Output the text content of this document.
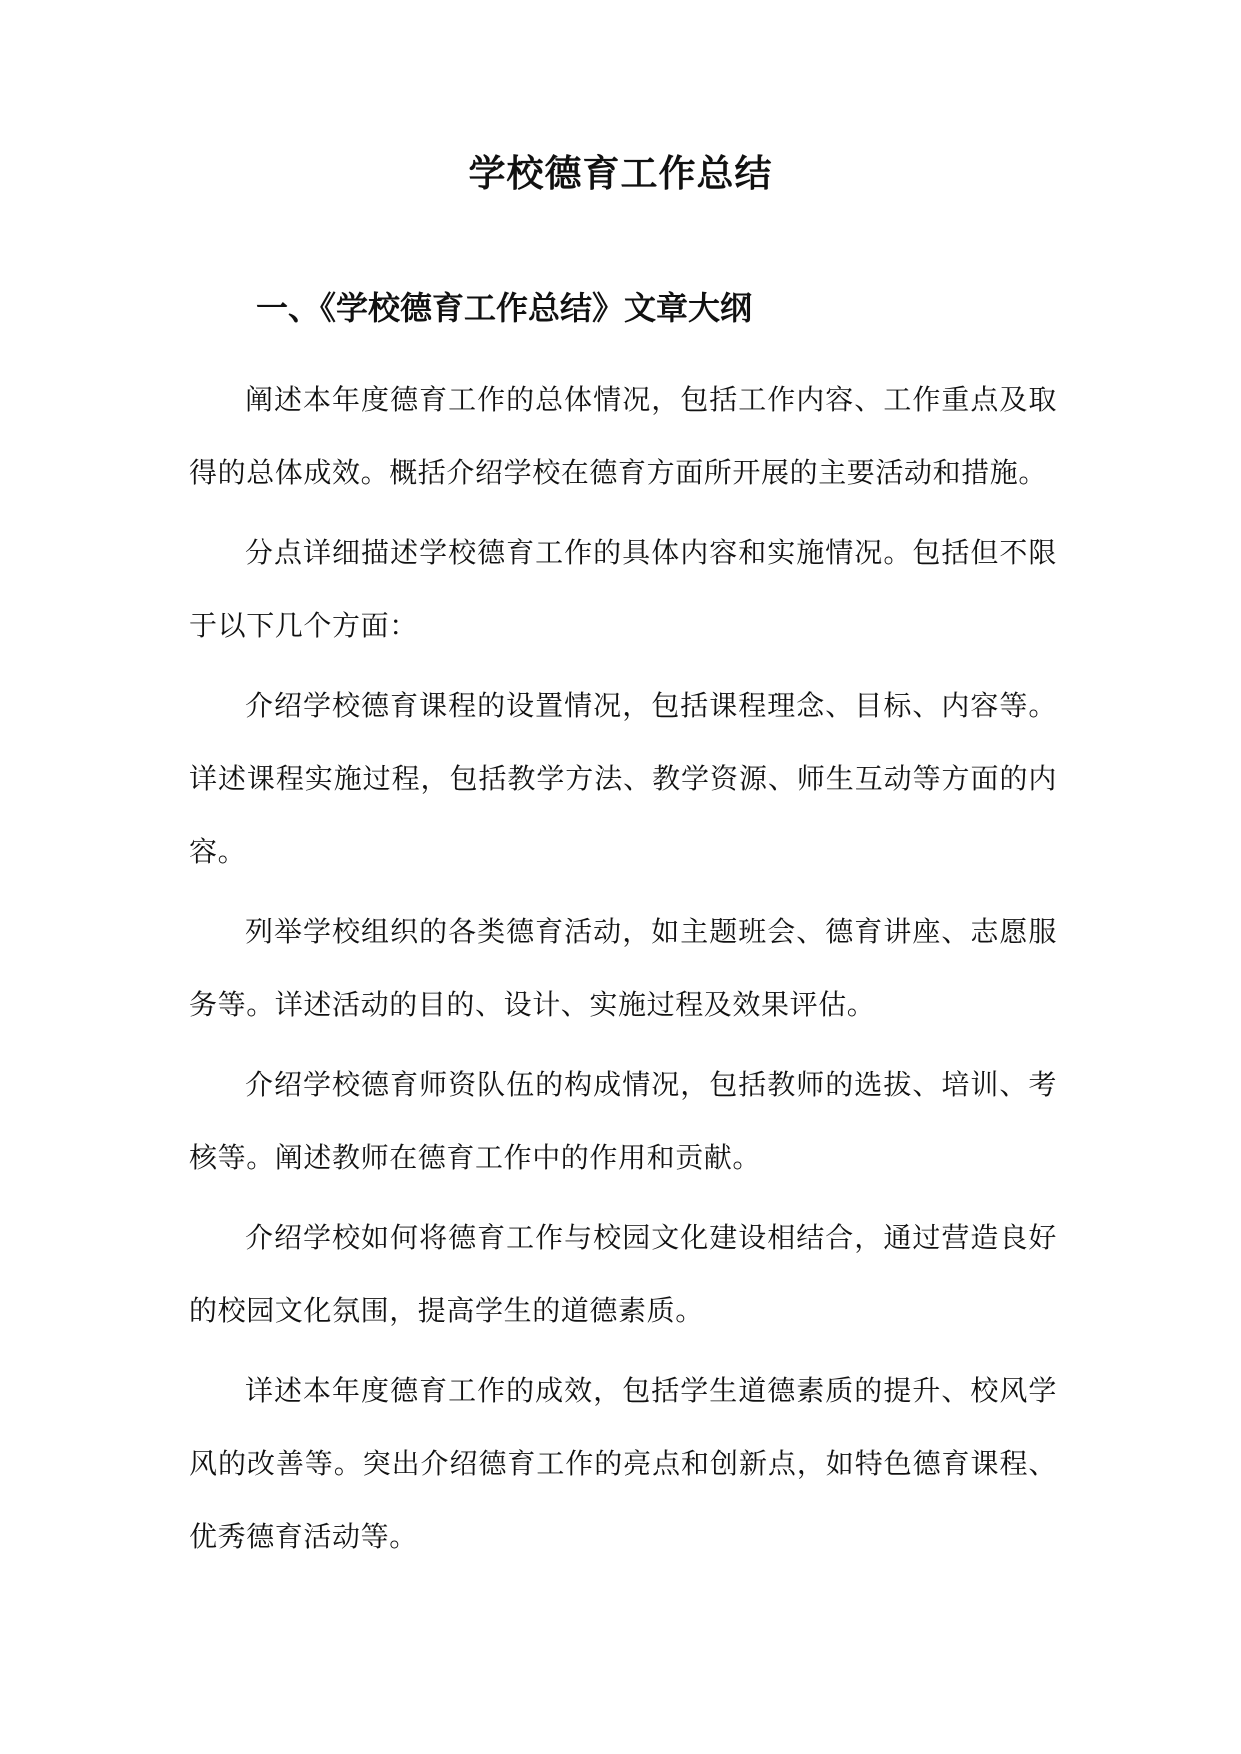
学校德育工作总结
一、《学校德育工作总结》文章大纲

阐述本年度德育工作的总体情况，包括工作内容、工作重点及取得的总体成效。概括介绍学校在德育方面所开展的主要活动和措施。

分点详细描述学校德育工作的具体内容和实施情况。包括但不限于以下几个方面：

介绍学校德育课程的设置情况，包括课程理念、目标、内容等。详述课程实施过程，包括教学方法、教学资源、师生互动等方面的内容。

列举学校组织的各类德育活动，如主题班会、德育讲座、志愿服务等。详述活动的目的、设计、实施过程及效果评估。

介绍学校德育师资队伍的构成情况，包括教师的选拔、培训、考核等。阐述教师在德育工作中的作用和贡献。

介绍学校如何将德育工作与校园文化建设相结合，通过营造良好的校园文化氛围，提高学生的道德素质。

详述本年度德育工作的成效，包括学生道德素质的提升、校风学风的改善等。突出介绍德育工作的亮点和创新点，如特色德育课程、优秀德育活动等。
